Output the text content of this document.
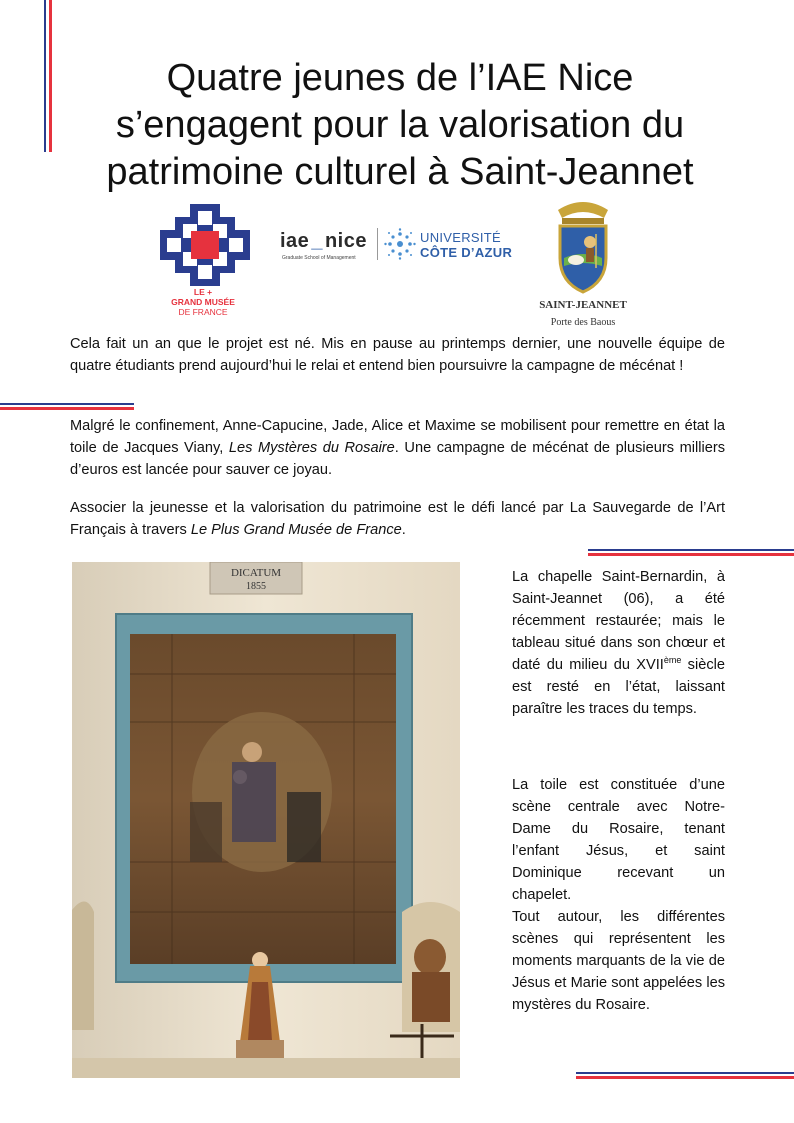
Quatre jeunes de l’IAE Nice
s’engagent pour la valorisation du
patrimoine culturel à Saint-Jeannet
LE +
GRAND MUSÉE
DE FRANCE
iae _ nice
Graduate School of Management
UNIVERSITÉ
CÔTE D’AZUR
SAINT-JEANNET
Porte des Baous

Cela fait un an que le projet est né. Mis en pause au printemps dernier, une nouvelle équipe de quatre étudiants prend aujourd’hui le relai et entend bien poursuivre la campagne de mécénat !

Malgré le confinement, Anne-Capucine, Jade, Alice et Maxime se mobilisent pour remettre en état la toile de Jacques Viany, Les Mystères du Rosaire. Une campagne de mécénat de plusieurs milliers d’euros est lancée pour sauver ce joyau.

Associer la jeunesse et la valorisation du patrimoine est le défi lancé par La Sauvegarde de l’Art Français à travers Le Plus Grand Musée de France.

DICATUM
1855

La chapelle Saint-Bernardin, à Saint-Jeannet (06), a été récemment restaurée; mais le tableau situé dans son chœur et daté du milieu du XVIIème siècle est resté en l’état, laissant paraître les traces du temps.

La toile est constituée d’une scène centrale avec Notre-Dame du Rosaire, tenant l’enfant Jésus, et saint Dominique recevant un chapelet.

Tout autour, les différentes scènes qui représentent les moments marquants de la vie de Jésus et Marie sont appelées les mystères du Rosaire.
